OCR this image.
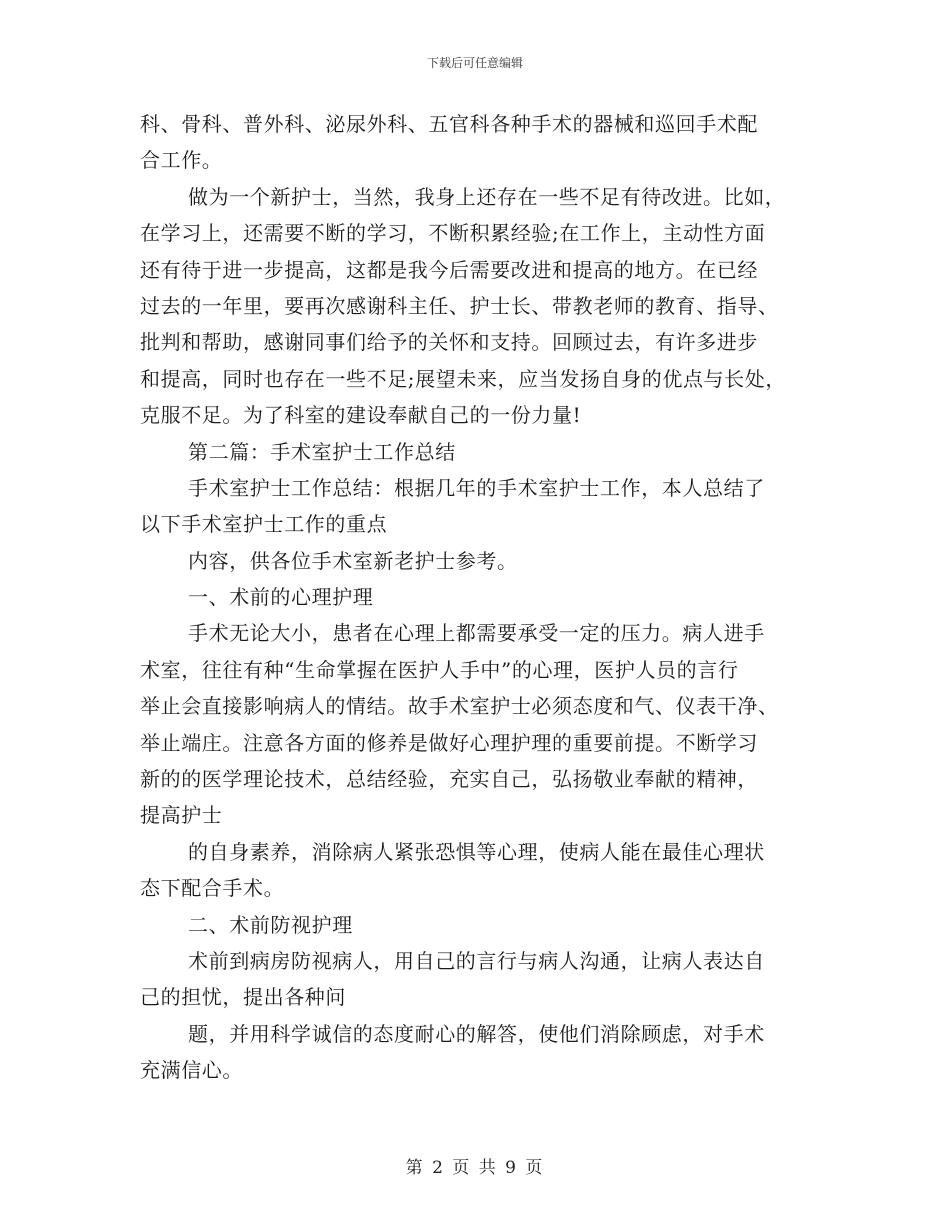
下载后可任意编辑
科、骨科、普外科、泌尿外科、五官科各种手术的器械和巡回手术配
合工作。
做为一个新护士，当然，我身上还存在一些不足有待改进。比如，
在学习上，还需要不断的学习，不断积累经验;在工作上，主动性方面
还有待于进一步提高，这都是我今后需要改进和提高的地方。在已经
过去的一年里，要再次感谢科主任、护士长、带教老师的教育、指导、
批判和帮助，感谢同事们给予的关怀和支持。回顾过去，有许多进步
和提高，同时也存在一些不足;展望未来，应当发扬自身的优点与长处，
克服不足。为了科室的建设奉献自己的一份力量!
第二篇：手术室护士工作总结
手术室护士工作总结：根据几年的手术室护士工作，本人总结了
以下手术室护士工作的重点
内容，供各位手术室新老护士参考。
一、术前的心理护理
手术无论大小，患者在心理上都需要承受一定的压力。病人进手
术室，往往有种“生命掌握在医护人手中”的心理，医护人员的言行
举止会直接影响病人的情结。故手术室护士必须态度和气、仪表干净、
举止端庄。注意各方面的修养是做好心理护理的重要前提。不断学习
新的的医学理论技术，总结经验，充实自己，弘扬敬业奉献的精神，
提高护士
的自身素养，消除病人紧张恐惧等心理，使病人能在最佳心理状
态下配合手术。
二、术前防视护理
术前到病房防视病人，用自己的言行与病人沟通，让病人表达自
己的担忧，提出各种问
题，并用科学诚信的态度耐心的解答，使他们消除顾虑，对手术
充满信心。
第 2 页 共 9 页
